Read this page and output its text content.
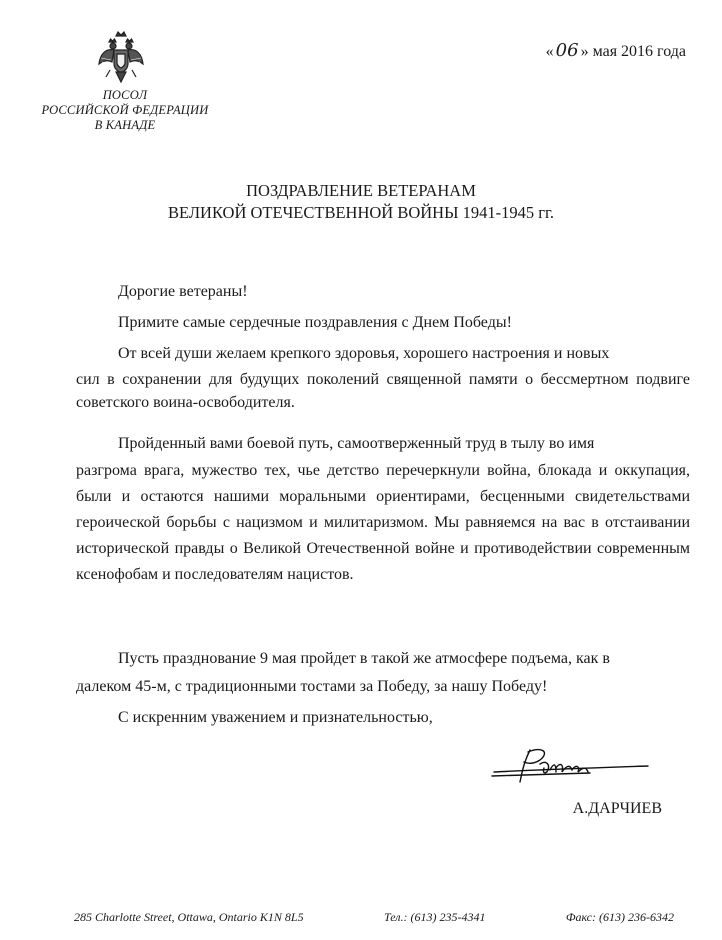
ПОСОЛ
РОССИЙСКОЙ ФЕДЕРАЦИИ
В КАНАДЕ
« 06 » мая 2016 года
ПОЗДРАВЛЕНИЕ ВЕТЕРАНАМ
ВЕЛИКОЙ ОТЕЧЕСТВЕННОЙ ВОЙНЫ 1941-1945 гг.
Дорогие ветераны!
Примите самые сердечные поздравления с Днем Победы!
От всей души желаем крепкого здоровья, хорошего настроения и новых
сил в сохранении для будущих поколений священной памяти о бессмертном подвиге советского воина-освободителя.
Пройденный вами боевой путь, самоотверженный труд в тылу во имя
разгрома врага, мужество тех, чье детство перечеркнули война, блокада и оккупация, были и остаются нашими моральными ориентирами, бесценными свидетельствами героической борьбы с нацизмом и милитаризмом. Мы равняемся на вас в отстаивании исторической правды о Великой Отечественной войне и противодействии современным ксенофобам и последователям нацистов.
Пусть празднование 9 мая пройдет в такой же атмосфере подъема, как в
далеком 45-м, с традиционными тостами за Победу, за нашу Победу!
С искренним уважением и признательностью,
А.ДАРЧИЕВ
285 Charlotte Street, Ottawa, Ontario K1N 8L5	Тел.: (613) 235-4341	Факс: (613) 236-6342
